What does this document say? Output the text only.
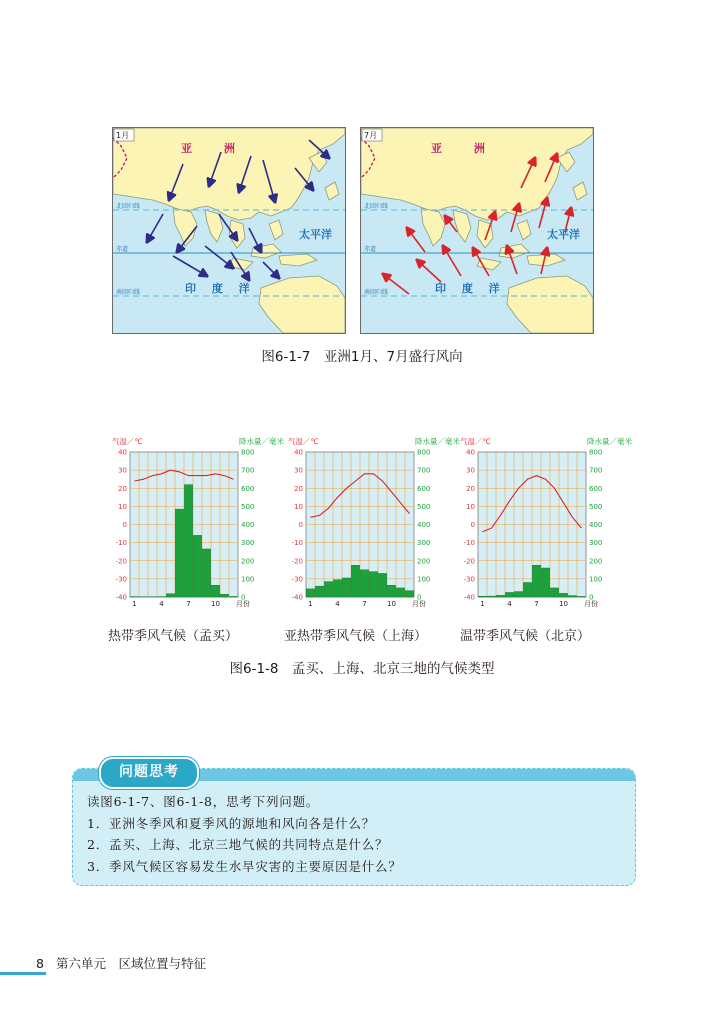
1月
亚 洲
太平洋
印 度 洋
北回归线
赤道
南回归线
7月
亚 洲
太平洋
印 度 洋
北回归线
赤道
南回归线
图6-1-7　亚洲1月、7月盛行风向
气温／℃	降水量／毫米
40
30
20
10
0
-10
-20
-30
-40
800
700
600
500
400
300
200
100
0
1	4	7	10 月份
气温／℃	降水量／毫米
40
30
20
10
0
-10
-20
-30
-40
800
700
600
500
400
300
200
100
0
1	4	7	10 月份
气温／℃	降水量／毫米
40
30
20
10
0
-10
-20
-30
-40
800
700
600
500
400
300
200
100
0
1	4	7	10 月份
热带季风气候（孟买）	亚热带季风气候（上海）	温带季风气候（北京）
图6-1-8　孟买、上海、北京三地的气候类型
问题思考
读图6-1-7、图6-1-8，思考下列问题。
1．亚洲冬季风和夏季风的源地和风向各是什么？
2．孟买、上海、北京三地气候的共同特点是什么？
3．季风气候区容易发生水旱灾害的主要原因是什么？
8 第六单元　区域位置与特征
